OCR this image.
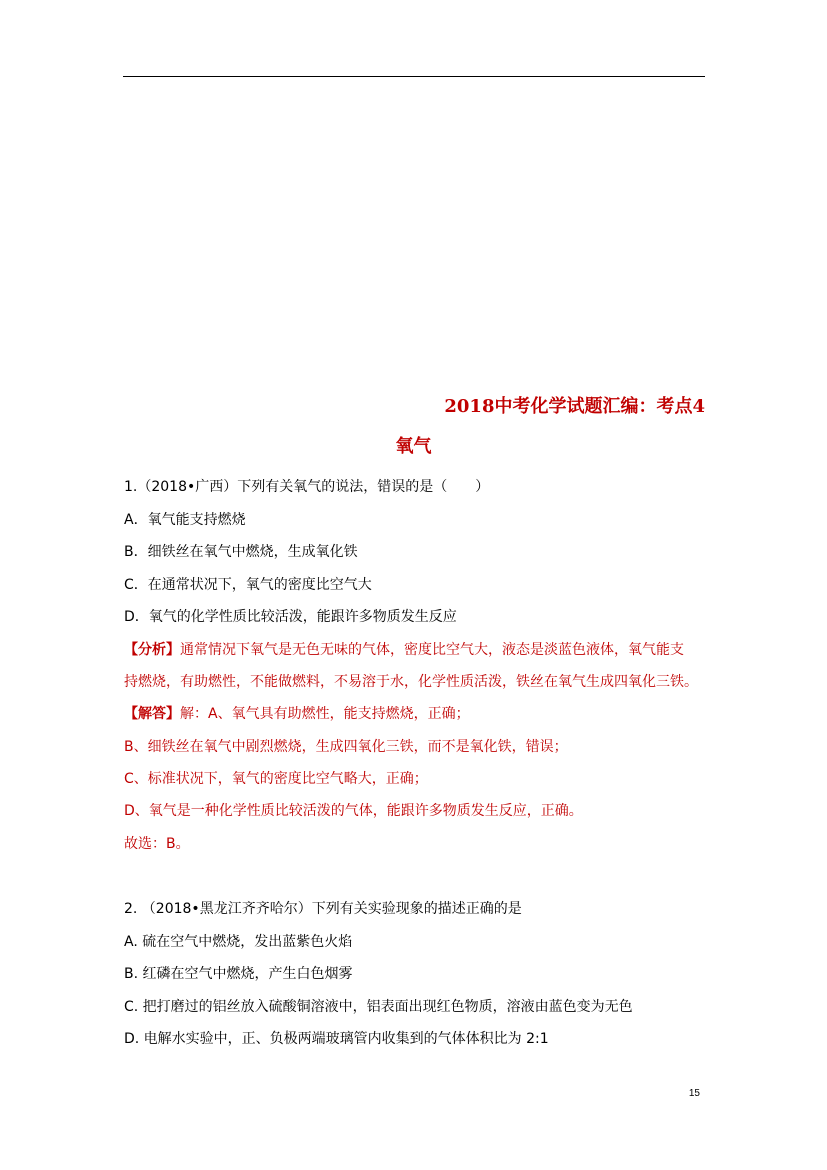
2018中考化学试题汇编：考点4
氧气
1.（2018•广西）下列有关氧气的说法，错误的是（　　）
A．氧气能支持燃烧
B．细铁丝在氧气中燃烧，生成氧化铁
C．在通常状况下，氧气的密度比空气大
D．氧气的化学性质比较活泼，能跟许多物质发生反应
【分析】通常情况下氧气是无色无味的气体，密度比空气大，液态是淡蓝色液体，氧气能支
持燃烧，有助燃性，不能做燃料，不易溶于水，化学性质活泼，铁丝在氧气生成四氧化三铁。
【解答】解：A、氧气具有助燃性，能支持燃烧，正确；
B、细铁丝在氧气中剧烈燃烧，生成四氧化三铁，而不是氧化铁，错误；
C、标准状况下，氧气的密度比空气略大，正确；
D、氧气是一种化学性质比较活泼的气体，能跟许多物质发生反应，正确。
故选：B。
2. （2018•黑龙江齐齐哈尔）下列有关实验现象的描述正确的是
A. 硫在空气中燃烧，发出蓝紫色火焰
B. 红磷在空气中燃烧，产生白色烟雾
C. 把打磨过的铝丝放入硫酸铜溶液中，铝表面出现红色物质，溶液由蓝色变为无色
D. 电解水实验中，正、负极两端玻璃管内收集到的气体体积比为 2:1
15
